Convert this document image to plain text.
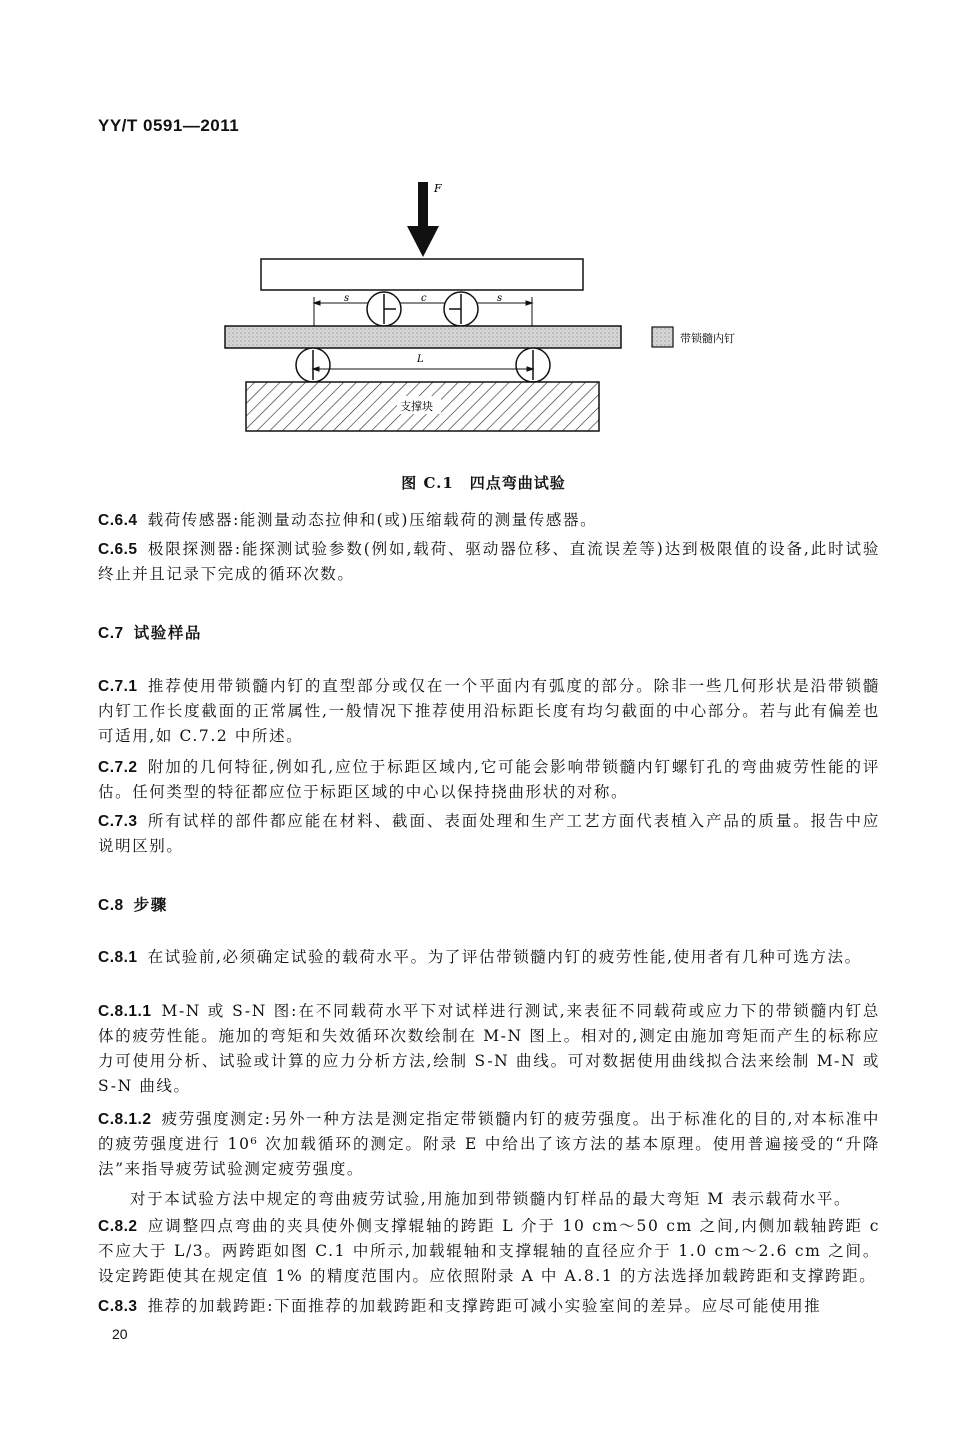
YY/T 0591—2011
F
s	c	s
带锁髓内钉
L
支撑块
图 C.1　四点弯曲试验
C.6.4 载荷传感器:能测量动态拉伸和(或)压缩载荷的测量传感器。
C.6.5 极限探测器:能探测试验参数(例如,载荷、驱动器位移、直流误差等)达到极限值的设备,此时试验终止并且记录下完成的循环次数。
C.7 试验样品
C.7.1 推荐使用带锁髓内钉的直型部分或仅在一个平面内有弧度的部分。除非一些几何形状是沿带锁髓内钉工作长度截面的正常属性,一般情况下推荐使用沿标距长度有均匀截面的中心部分。若与此有偏差也可适用,如 C.7.2 中所述。
C.7.2 附加的几何特征,例如孔,应位于标距区域内,它可能会影响带锁髓内钉螺钉孔的弯曲疲劳性能的评估。任何类型的特征都应位于标距区域的中心以保持挠曲形状的对称。
C.7.3 所有试样的部件都应能在材料、截面、表面处理和生产工艺方面代表植入产品的质量。报告中应说明区别。
C.8 步骤
C.8.1 在试验前,必须确定试验的载荷水平。为了评估带锁髓内钉的疲劳性能,使用者有几种可选方法。
C.8.1.1 M-N 或 S-N 图:在不同载荷水平下对试样进行测试,来表征不同载荷或应力下的带锁髓内钉总体的疲劳性能。施加的弯矩和失效循环次数绘制在 M-N 图上。相对的,测定由施加弯矩而产生的标称应力可使用分析、试验或计算的应力分析方法,绘制 S-N 曲线。可对数据使用曲线拟合法来绘制 M-N 或 S-N 曲线。
C.8.1.2 疲劳强度测定:另外一种方法是测定指定带锁髓内钉的疲劳强度。出于标准化的目的,对本标准中的疲劳强度进行 10⁶ 次加载循环的测定。附录 E 中给出了该方法的基本原理。使用普遍接受的“升降法”来指导疲劳试验测定疲劳强度。
对于本试验方法中规定的弯曲疲劳试验,用施加到带锁髓内钉样品的最大弯矩 M 表示载荷水平。
C.8.2 应调整四点弯曲的夹具使外侧支撑辊轴的跨距 L 介于 10 cm～50 cm 之间,内侧加载轴跨距 c 不应大于 L/3。两跨距如图 C.1 中所示,加载辊轴和支撑辊轴的直径应介于 1.0 cm～2.6 cm 之间。设定跨距使其在规定值 1% 的精度范围内。应依照附录 A 中 A.8.1 的方法选择加载跨距和支撑跨距。
C.8.3 推荐的加载跨距:下面推荐的加载跨距和支撑跨距可减小实验室间的差异。应尽可能使用推
20
